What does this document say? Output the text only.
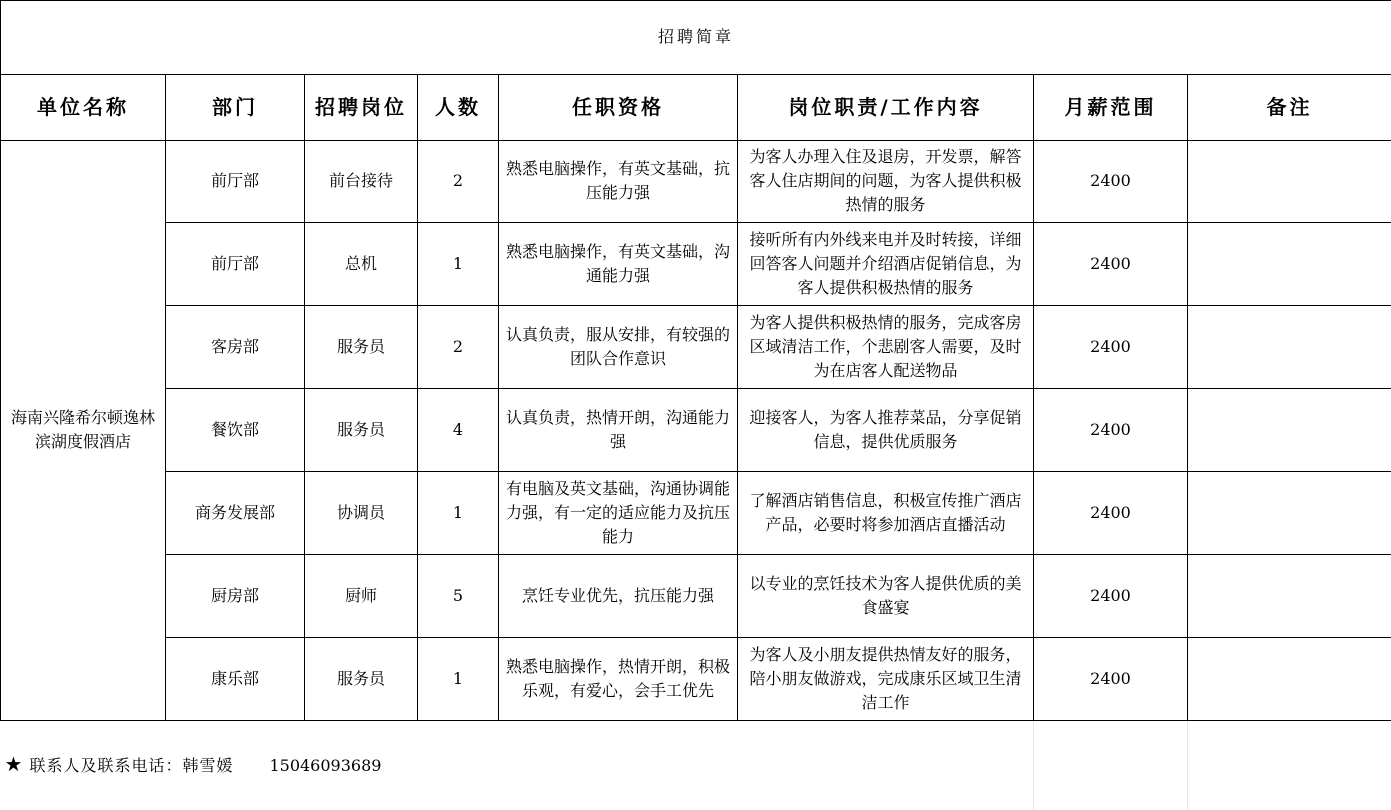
招聘简章							
单位名称	部门	招聘岗位	人数	任职资格	岗位职责/工作内容	月薪范围	备注
海南兴隆希尔顿逸林滨湖度假酒店	前厅部	前台接待	2	熟悉电脑操作，有英文基础，抗压能力强	为客人办理入住及退房，开发票，解答客人住店期间的问题，为客人提供积极热情的服务	2400	
	前厅部	总机	1	熟悉电脑操作，有英文基础，沟通能力强	接听所有内外线来电并及时转接，详细回答客人问题并介绍酒店促销信息，为客人提供积极热情的服务	2400	
	客房部	服务员	2	认真负责，服从安排，有较强的团队合作意识	为客人提供积极热情的服务，完成客房区域清洁工作，个悲剧客人需要，及时为在店客人配送物品	2400	
	餐饮部	服务员	4	认真负责，热情开朗，沟通能力强	迎接客人，为客人推荐菜品，分享促销信息，提供优质服务	2400	
	商务发展部	协调员	1	有电脑及英文基础，沟通协调能力强，有一定的适应能力及抗压能力	了解酒店销售信息，积极宣传推广酒店产品，必要时将参加酒店直播活动	2400	
	厨房部	厨师	5	烹饪专业优先，抗压能力强	以专业的烹饪技术为客人提供优质的美食盛宴	2400	
	康乐部	服务员	1	熟悉电脑操作，热情开朗，积极乐观，有爱心，会手工优先	为客人及小朋友提供热情友好的服务，陪小朋友做游戏，完成康乐区域卫生清洁工作	2400	
★ 联系人及联系电话：韩雪媛 15046093689							
